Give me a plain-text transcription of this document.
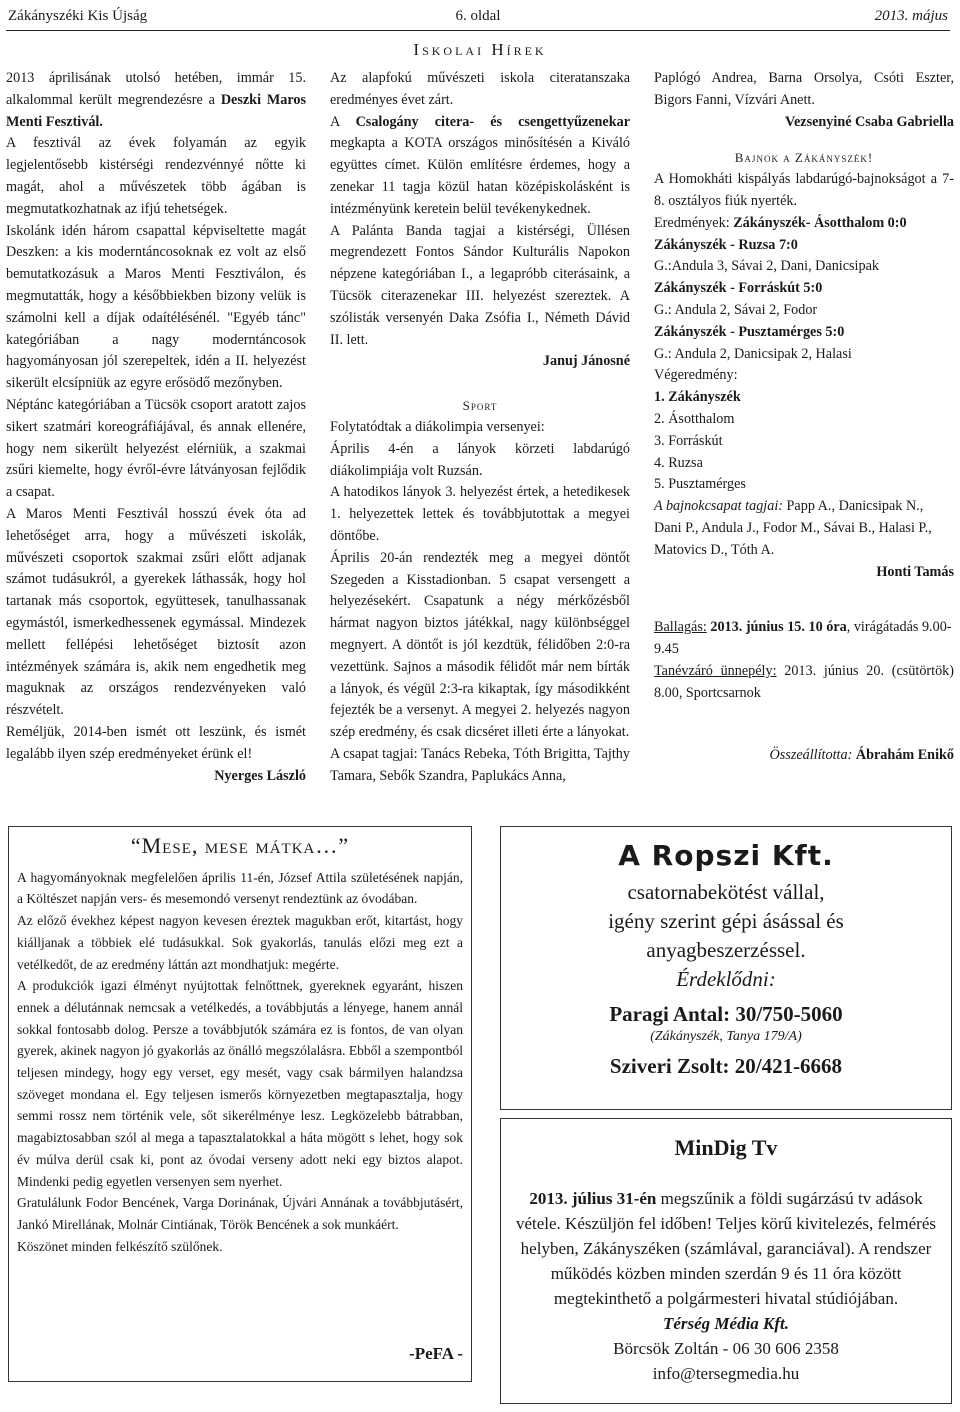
Zákányszéki Kis Újság	6. oldal	2013. május
Iskolai Hírek

2013 áprilisának utolsó hetében, immár 15. alkalommal került megrendezésre a Deszki Maros Menti Fesztivál.

A fesztivál az évek folyamán az egyik legjelentősebb kistérségi rendezvénnyé nőtte ki magát, ahol a művészetek több ágában is megmutatkozhatnak az ifjú tehetségek.

Iskolánk idén három csapattal képviseltette magát Deszken: a kis moderntáncosoknak ez volt az első bemutatkozásuk a Maros Menti Fesztiválon, és megmutatták, hogy a későbbiekben bizony velük is számolni kell a díjak odaítélésénél. "Egyéb tánc" kategóriában a nagy moderntáncosok hagyományosan jól szerepeltek, idén a II. helyezést sikerült elcsípniük az egyre erősödő mezőnyben.

Néptánc kategóriában a Tücsök csoport aratott zajos sikert szatmári koreográfiájával, és annak ellenére, hogy nem sikerült helyezést elérniük, a szakmai zsűri kiemelte, hogy évről-évre látványosan fejlődik a csapat.

A Maros Menti Fesztivál hosszú évek óta ad lehetőséget arra, hogy a művészeti iskolák, művészeti csoportok szakmai zsűri előtt adjanak számot tudásukról, a gyerekek láthassák, hogy hol tartanak más csoportok, együttesek, tanulhassanak egymástól, ismerkedhessenek egymással. Mindezek mellett fellépési lehetőséget biztosít azon intézmények számára is, akik nem engedhetik meg maguknak az országos rendezvényeken való részvételt.

Reméljük, 2014-ben ismét ott leszünk, és ismét legalább ilyen szép eredményeket érünk el!

Nyerges László

Az alapfokú művészeti iskola citeratanszaka eredményes évet zárt.

A Csalogány citera- és csengettyűzenekar megkapta a KOTA országos minősítésén a Kiváló együttes címet. Külön említésre érdemes, hogy a zenekar 11 tagja közül hatan középiskolásként is intézményünk keretein belül tevékenykednek.

A Palánta Banda tagjai a kistérségi, Üllésen megrendezett Fontos Sándor Kulturális Napokon népzene kategóriában I., a legapróbb citerásaink, a Tücsök citerazenekar III. helyezést szereztek. A szólisták versenyén Daka Zsófia I., Németh Dávid II. lett.

Januj Jánosné

Sport

Folytatódtak a diákolimpia versenyei:

Április 4-én a lányok körzeti labdarúgó diákolimpiája volt Ruzsán.

A hatodikos lányok 3. helyezést értek, a hetedikesek 1. helyezettek lettek és továbbjutottak a megyei döntőbe.

Április 20-án rendezték meg a megyei döntőt Szegeden a Kisstadionban. 5 csapat versengett a helyezésekért. Csapatunk a négy mérkőzésből hármat nagyon biztos játékkal, nagy különbséggel megnyert. A döntőt is jól kezdtük, félidőben 2:0-ra vezettünk. Sajnos a második félidőt már nem bírták a lányok, és végül 2:3-ra kikaptak, így másodikként fejezték be a versenyt. A megyei 2. helyezés nagyon szép eredmény, és csak dicséret illeti érte a lányokat.

A csapat tagjai: Tanács Rebeka, Tóth Brigitta, Tajthy Tamara, Sebők Szandra, Paplukács Anna,

Paplógó Andrea, Barna Orsolya, Csóti Eszter, Bigors Fanni, Vízvári Anett.

Vezsenyiné Csaba Gabriella

Bajnok a Zákányszék!

A Homokháti kispályás labdarúgó-bajnokságot a 7-8. osztályos fiúk nyerték.

Eredmények: Zákányszék- Ásotthalom 0:0

Zákányszék - Ruzsa 7:0

G.:Andula 3, Sávai 2, Dani, Danicsipak

Zákányszék - Forráskút 5:0

G.: Andula 2, Sávai 2, Fodor

Zákányszék - Pusztamérges 5:0

G.: Andula 2, Danicsipak 2, Halasi

Végeredmény:

1. Zákányszék

2. Ásotthalom

3. Forráskút

4. Ruzsa

5. Pusztamérges

A bajnokcsapat tagjai: Papp A., Danicsipak N., Dani P., Andula J., Fodor M., Sávai B., Halasi P., Matovics D., Tóth A.

Honti Tamás

Ballagás: 2013. június 15. 10 óra, virágátadás 9.00-9.45

Tanévzáró ünnepély: 2013. június 20. (csütörtök) 8.00, Sportcsarnok

Összeállította: Ábrahám Enikő

“Mese, mese mátka…”

A hagyományoknak megfelelően április 11-én, József Attila születésének napján, a Költészet napján vers- és mesemondó versenyt rendeztünk az óvodában.

Az előző évekhez képest nagyon kevesen éreztek magukban erőt, kitartást, hogy kiálljanak a többiek elé tudásukkal. Sok gyakorlás, tanulás előzi meg ezt a vetélkedőt, de az eredmény láttán azt mondhatjuk: megérte.

A produkciók igazi élményt nyújtottak felnőttnek, gyereknek egyaránt, hiszen ennek a délutánnak nemcsak a vetélkedés, a továbbjutás a lényege, hanem annál sokkal fontosabb dolog. Persze a továbbjutók számára ez is fontos, de van olyan gyerek, akinek nagyon jó gyakorlás az önálló megszólalásra. Ebből a szempontból teljesen mindegy, hogy egy verset, egy mesét, vagy csak bármilyen halandzsa szöveget mondana el. Egy teljesen ismerős környezetben megtapasztalja, hogy semmi rossz nem történik vele, sőt sikerélménye lesz. Legközelebb bátrabban, magabiztosabban szól al mega a tapasztalatokkal a háta mögött s lehet, hogy sok év múlva derül csak ki, pont az óvodai verseny adott neki egy biztos alapot. Mindenki pedig egyetlen versenyen sem nyerhet.

Gratulálunk Fodor Bencének, Varga Dorinának, Újvári Annának a továbbjutásért, Jankó Mirellának, Molnár Cintiának, Török Bencének a sok munkáért.

Köszönet minden felkészítő szülőnek.

-PeFA -

A Ropszi Kft.

csatornabekötést vállal,

igény szerint gépi ásással és

anyagbeszerzéssel.

Érdeklődni:

Paragi Antal: 30/750-5060

(Zákányszék, Tanya 179/A)

Sziveri Zsolt: 20/421-6668

MinDig Tv

2013. július 31-én megszűnik a földi sugárzású tv adások vétele. Készüljön fel időben! Teljes körű kivitelezés, felmérés helyben, Zákányszéken (számlával, garanciával). A rendszer működés közben minden szerdán 9 és 11 óra között megtekinthető a polgármesteri hivatal stúdiójában.

Térség Média Kft.

Börcsök Zoltán - 06 30 606 2358

info@tersegmedia.hu
